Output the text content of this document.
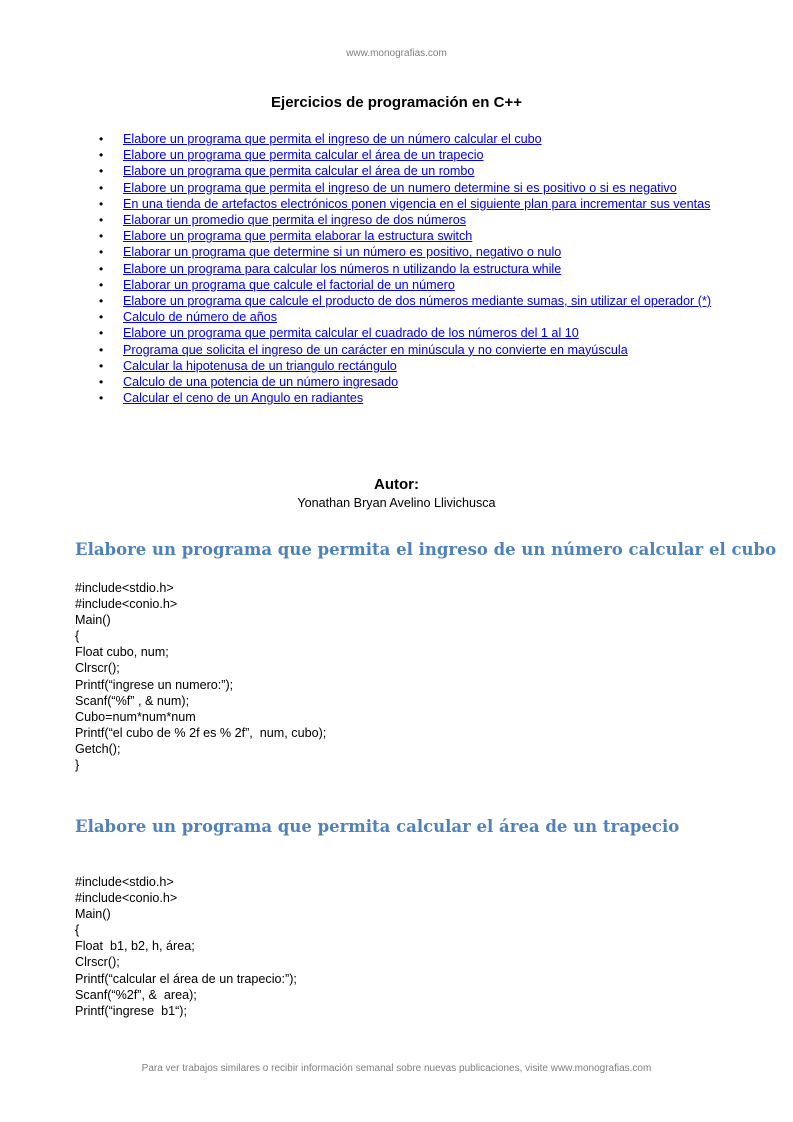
www.monografias.com

Ejercicios de programación en C++
• Elabore un programa que permita el ingreso de un número calcular el cubo
• Elabore un programa que permita calcular el área de un trapecio
• Elabore un programa que permita calcular el área de un rombo
• Elabore un programa que permita el ingreso de un numero determine si es positivo o si es negativo
• En una tienda de artefactos electrónicos ponen vigencia en el siguiente plan para incrementar sus ventas
• Elaborar un promedio que permita el ingreso de dos números
• Elabore un programa que permita elaborar la estructura switch
• Elaborar un programa que determine si un número es positivo, negativo o nulo
• Elabore un programa para calcular los números n utilizando la estructura while
• Elaborar un programa que calcule el factorial de un número
• Elabore un programa que calcule el producto de dos números mediante sumas, sin utilizar el operador (*)
• Calculo de número de años
• Elabore un programa que permita calcular el cuadrado de los números del 1 al 10
• Programa que solicita el ingreso de un carácter en minúscula y no convierte en mayúscula
• Calcular la hipotenusa de un triangulo rectángulo
• Calculo de una potencia de un número ingresado
• Calcular el ceno de un Angulo en radiantes
Autor:

Yonathan Bryan Avelino Llivichusca

Elabore un programa que permita el ingreso de un número calcular el cubo
#include<stdio.h>
#include<conio.h>
Main()
{
Float cubo, num;
Clrscr();
Printf(“ingrese un numero:”);
Scanf(“%f” , & num);
Cubo=num*num*num
Printf(“el cubo de % 2f es % 2f”,  num, cubo);
Getch();
}
Elabore un programa que permita calcular el área de un trapecio
#include<stdio.h>
#include<conio.h>
Main()
{
Float  b1, b2, h, área;
Clrscr();
Printf(“calcular el área de un trapecio:”);
Scanf(“%2f”, &  area);
Printf(“ingrese  b1“);

Para ver trabajos similares o recibir información semanal sobre nuevas publicaciones, visite www.monografias.com
